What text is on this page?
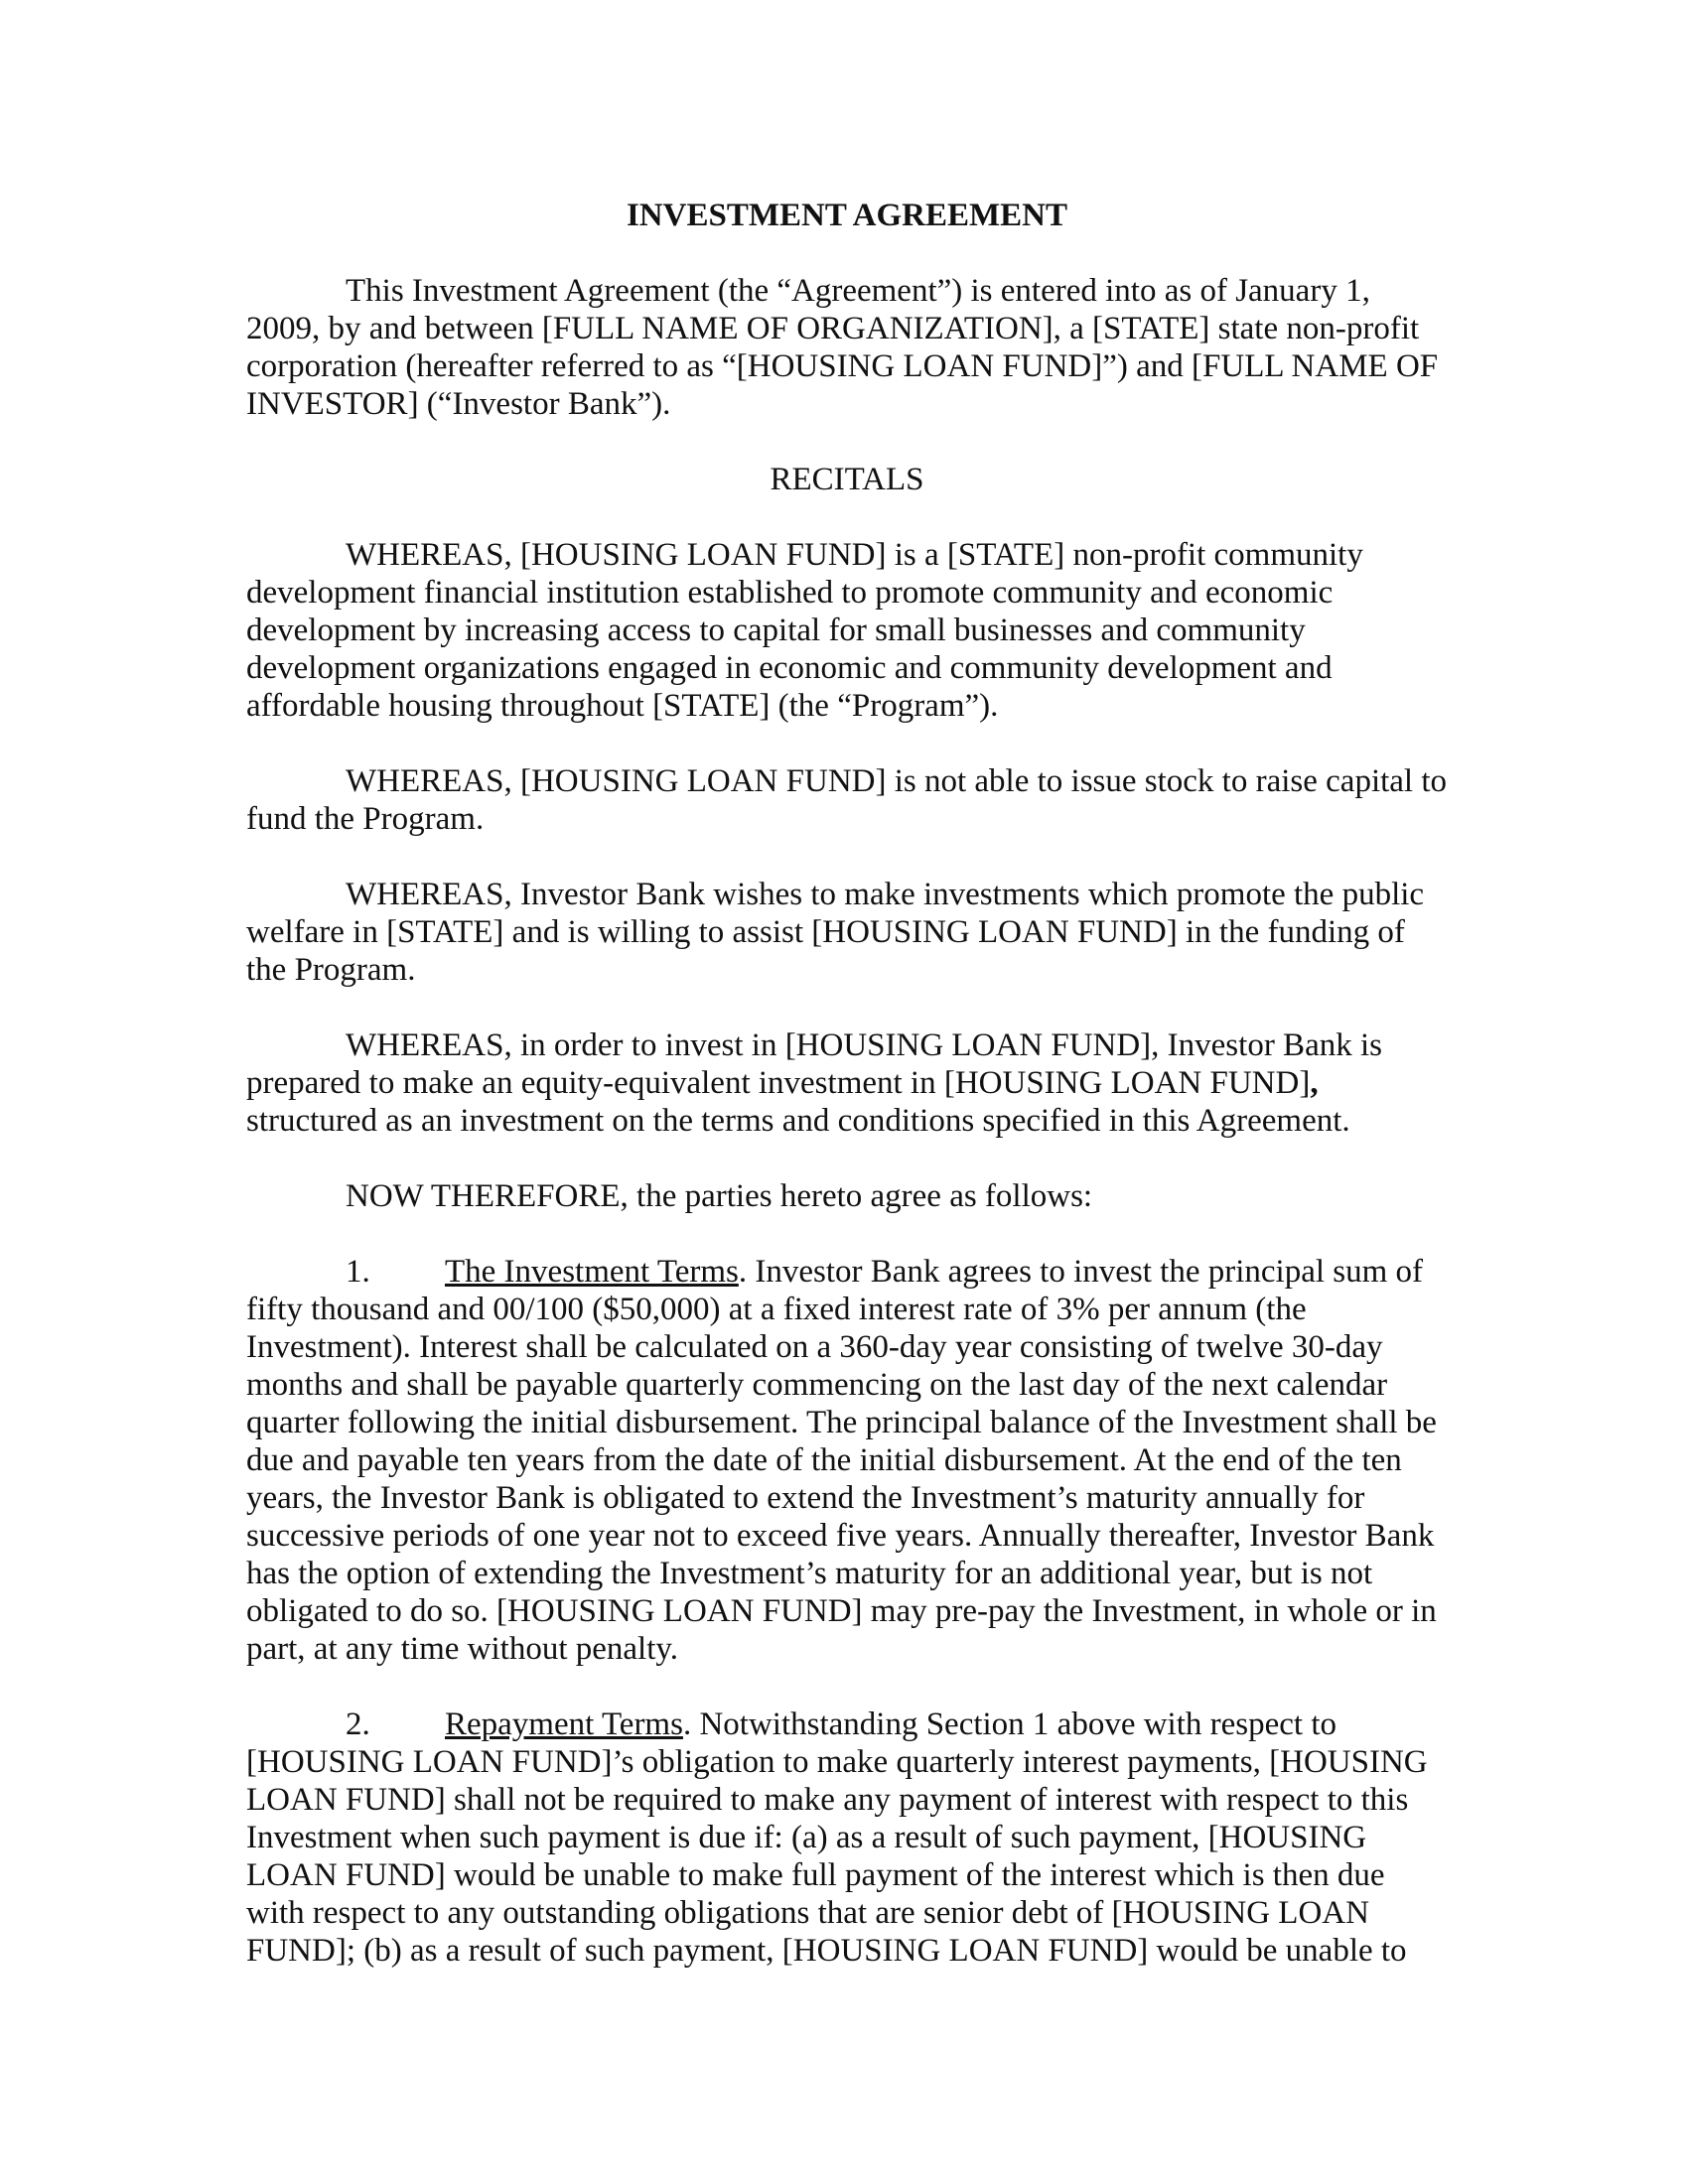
INVESTMENT AGREEMENT

This Investment Agreement (the “Agreement”) is entered into as of January 1, 2009, by and between [FULL NAME OF ORGANIZATION], a [STATE] state non-profit corporation (hereafter referred to as “[HOUSING LOAN FUND]”) and [FULL NAME OF INVESTOR] (“Investor Bank”).

RECITALS

WHEREAS, [HOUSING LOAN FUND] is a [STATE] non-profit community development financial institution established to promote community and economic development by increasing access to capital for small businesses and community development organizations engaged in economic and community development and affordable housing throughout [STATE] (the “Program”).

WHEREAS, [HOUSING LOAN FUND] is not able to issue stock to raise capital to fund the Program.

WHEREAS, Investor Bank wishes to make investments which promote the public welfare in [STATE] and is willing to assist [HOUSING LOAN FUND] in the funding of the Program.

WHEREAS, in order to invest in [HOUSING LOAN FUND], Investor Bank is prepared to make an equity-equivalent investment in [HOUSING LOAN FUND], structured as an investment on the terms and conditions specified in this Agreement.

NOW THEREFORE, the parties hereto agree as follows:

1. The Investment Terms. Investor Bank agrees to invest the principal sum of fifty thousand and 00/100 ($50,000) at a fixed interest rate of 3% per annum (the Investment). Interest shall be calculated on a 360-day year consisting of twelve 30-day months and shall be payable quarterly commencing on the last day of the next calendar quarter following the initial disbursement. The principal balance of the Investment shall be due and payable ten years from the date of the initial disbursement. At the end of the ten years, the Investor Bank is obligated to extend the Investment’s maturity annually for successive periods of one year not to exceed five years. Annually thereafter, Investor Bank has the option of extending the Investment’s maturity for an additional year, but is not obligated to do so. [HOUSING LOAN FUND] may pre-pay the Investment, in whole or in part, at any time without penalty.

2. Repayment Terms. Notwithstanding Section 1 above with respect to [HOUSING LOAN FUND]’s obligation to make quarterly interest payments, [HOUSING LOAN FUND] shall not be required to make any payment of interest with respect to this Investment when such payment is due if: (a) as a result of such payment, [HOUSING LOAN FUND] would be unable to make full payment of the interest which is then due with respect to any outstanding obligations that are senior debt of [HOUSING LOAN FUND]; (b) as a result of such payment, [HOUSING LOAN FUND] would be unable to
